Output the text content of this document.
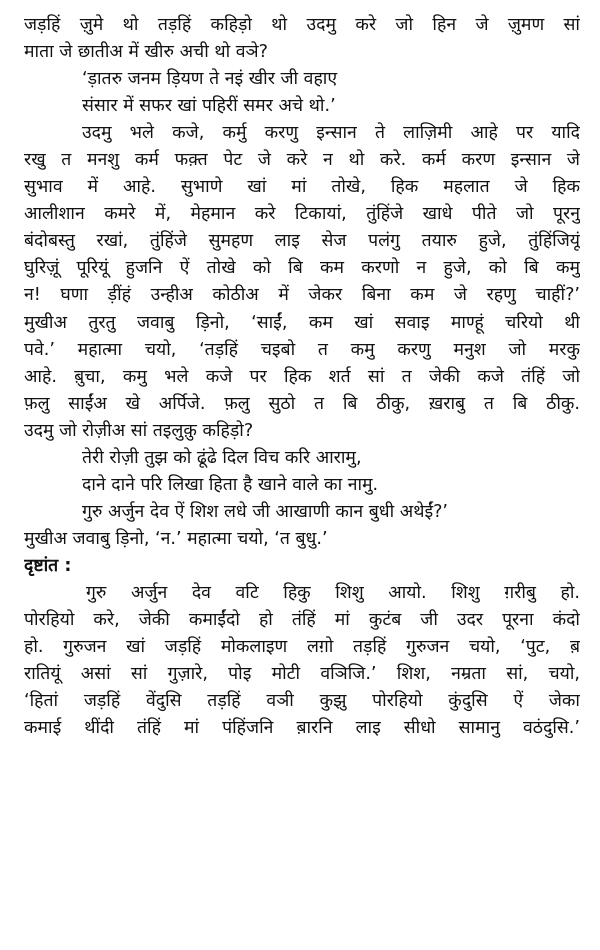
जड़हिं ज़ुमे थो तड़हिं कहिड़ो थो उदमु करे जो हिन जे ज़ुमण सां
माता जे छातीअ में खीरु अची थो वञे?
‘ड़ातरु जनम ड़ियण ते नइं खीर जी वहाए
संसार में सफर खां पहिरीं समर अचे थो.’
उदमु भले कजे, कर्मु करणु इन्सान ते लाज़िमी आहे पर यादि
रखु त मनशु कर्म फक़्त पेट जे करे न थो करे. कर्म करण इन्सान जे
सुभाव में आहे. सुभाणे खां मां तोखे, हिक महलात जे हिक
आलीशान कमरे में, मेहमान करे टिकायां, तुंहिंजे खाधे पीते जो पूरनु
बंदोबस्तु रखां, तुंहिंजे सुमहण लाइ सेज पलंगु तयारु हुजे, तुंहिंजियूं
घुरिज़ूं पूरियूं हुजनि ऐं तोखे को बि कम करणो न हुजे, को बि कमु
न! घणा ड़ींहं उन्हीअ कोठीअ में जेकर बिना कम जे रहणु चाहीं?’
मुखीअ तुरतु जवाबु ड़िनो, ‘साईं, कम खां सवाइ माण्हूं चरियो थी
पवे.’ महात्मा चयो, ‘तड़हिं चइबो त कमु करणु मनुश जो मरकु
आहे. ब़ुचा, कमु भले कजे पर हिक शर्त सां त जेकी कजे तंहिं जो
फ़लु साईंअ खे अर्पिजे. फ़लु सुठो त बि ठीकु, ख़राबु त बि ठीकु.
उदमु जो रोज़ीअ सां तइलुक़ु कहिड़ो?
तेरी रोज़ी तुझ को ढूंढे दिल विच करि आरामु,
दाने दाने परि लिखा हिता है खाने वाले का नामु.
गुरु अर्जुन देव ऐं शिश लधे जी आखाणी कान बुधी अथेईं?’
मुखीअ जवाबु ड़िनो, ‘न.’ महात्मा चयो, ‘त बुधु.’
दृष्टांत :
गुरु अर्जुन देव वटि हिकु शिशु आयो. शिशु ग़रीबु हो.
पोरहियो करे, जेकी कमाईंदो हो तंहिं मां कुटंब जी उदर पूरना कंदो
हो. गुरुजन खां जड़हिं मोकलाइण लग़ो तड़हिं गुरुजन चयो, ‘पुट, ब़
रातियूं असां सां गुज़ारे, पोइ मोटी वञिजि.’ शिश, नम्रता सां, चयो,
‘हितां जड़हिं वेंदुसि तड़हिं वञी कुझु पोरहियो कुंदुसि ऐं जेका
कमाई थींदी तंहिं मां पंहिंजनि ब़ारनि लाइ सीधो सामानु वठंदुसि.’
